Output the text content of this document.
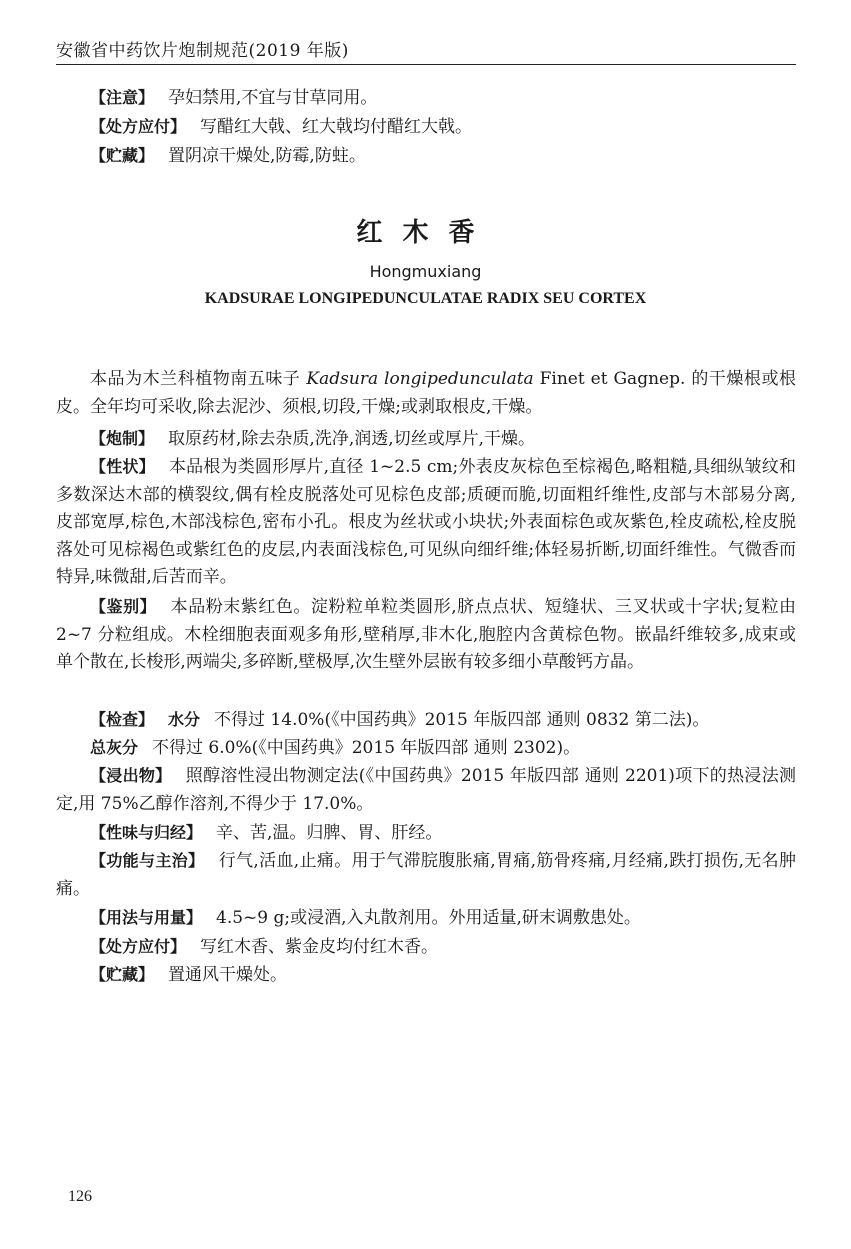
安徽省中药饮片炮制规范(2019 年版)
【注意】 孕妇禁用,不宜与甘草同用。
【处方应付】 写醋红大戟、红大戟均付醋红大戟。
【贮藏】 置阴凉干燥处,防霉,防蛀。
红木香
Hongmuxiang
KADSURAE LONGIPEDUNCULATAE RADIX SEU CORTEX
本品为木兰科植物南五味子 Kadsura longipedunculata Finet et Gagnep. 的干燥根或根皮。全年均可采收,除去泥沙、须根,切段,干燥;或剥取根皮,干燥。
【炮制】 取原药材,除去杂质,洗净,润透,切丝或厚片,干燥。
【性状】 本品根为类圆形厚片,直径 1~2.5 cm;外表皮灰棕色至棕褐色,略粗糙,具细纵皱纹和多数深达木部的横裂纹,偶有栓皮脱落处可见棕色皮部;质硬而脆,切面粗纤维性,皮部与木部易分离,皮部宽厚,棕色,木部浅棕色,密布小孔。根皮为丝状或小块状;外表面棕色或灰紫色,栓皮疏松,栓皮脱落处可见棕褐色或紫红色的皮层,内表面浅棕色,可见纵向细纤维;体轻易折断,切面纤维性。气微香而特异,味微甜,后苦而辛。
【鉴别】 本品粉末紫红色。淀粉粒单粒类圆形,脐点点状、短缝状、三叉状或十字状;复粒由 2~7 分粒组成。木栓细胞表面观多角形,壁稍厚,非木化,胞腔内含黄棕色物。嵌晶纤维较多,成束或单个散在,长梭形,两端尖,多碎断,壁极厚,次生壁外层嵌有较多细小草酸钙方晶。
【检查】 水分 不得过 14.0%(《中国药典》2015 年版四部 通则 0832 第二法)。
总灰分 不得过 6.0%(《中国药典》2015 年版四部 通则 2302)。
【浸出物】 照醇溶性浸出物测定法(《中国药典》2015 年版四部 通则 2201)项下的热浸法测定,用 75%乙醇作溶剂,不得少于 17.0%。
【性味与归经】 辛、苦,温。归脾、胃、肝经。
【功能与主治】 行气,活血,止痛。用于气滞脘腹胀痛,胃痛,筋骨疼痛,月经痛,跌打损伤,无名肿痛。
【用法与用量】 4.5~9 g;或浸酒,入丸散剂用。外用适量,研末调敷患处。
【处方应付】 写红木香、紫金皮均付红木香。
【贮藏】 置通风干燥处。
126
